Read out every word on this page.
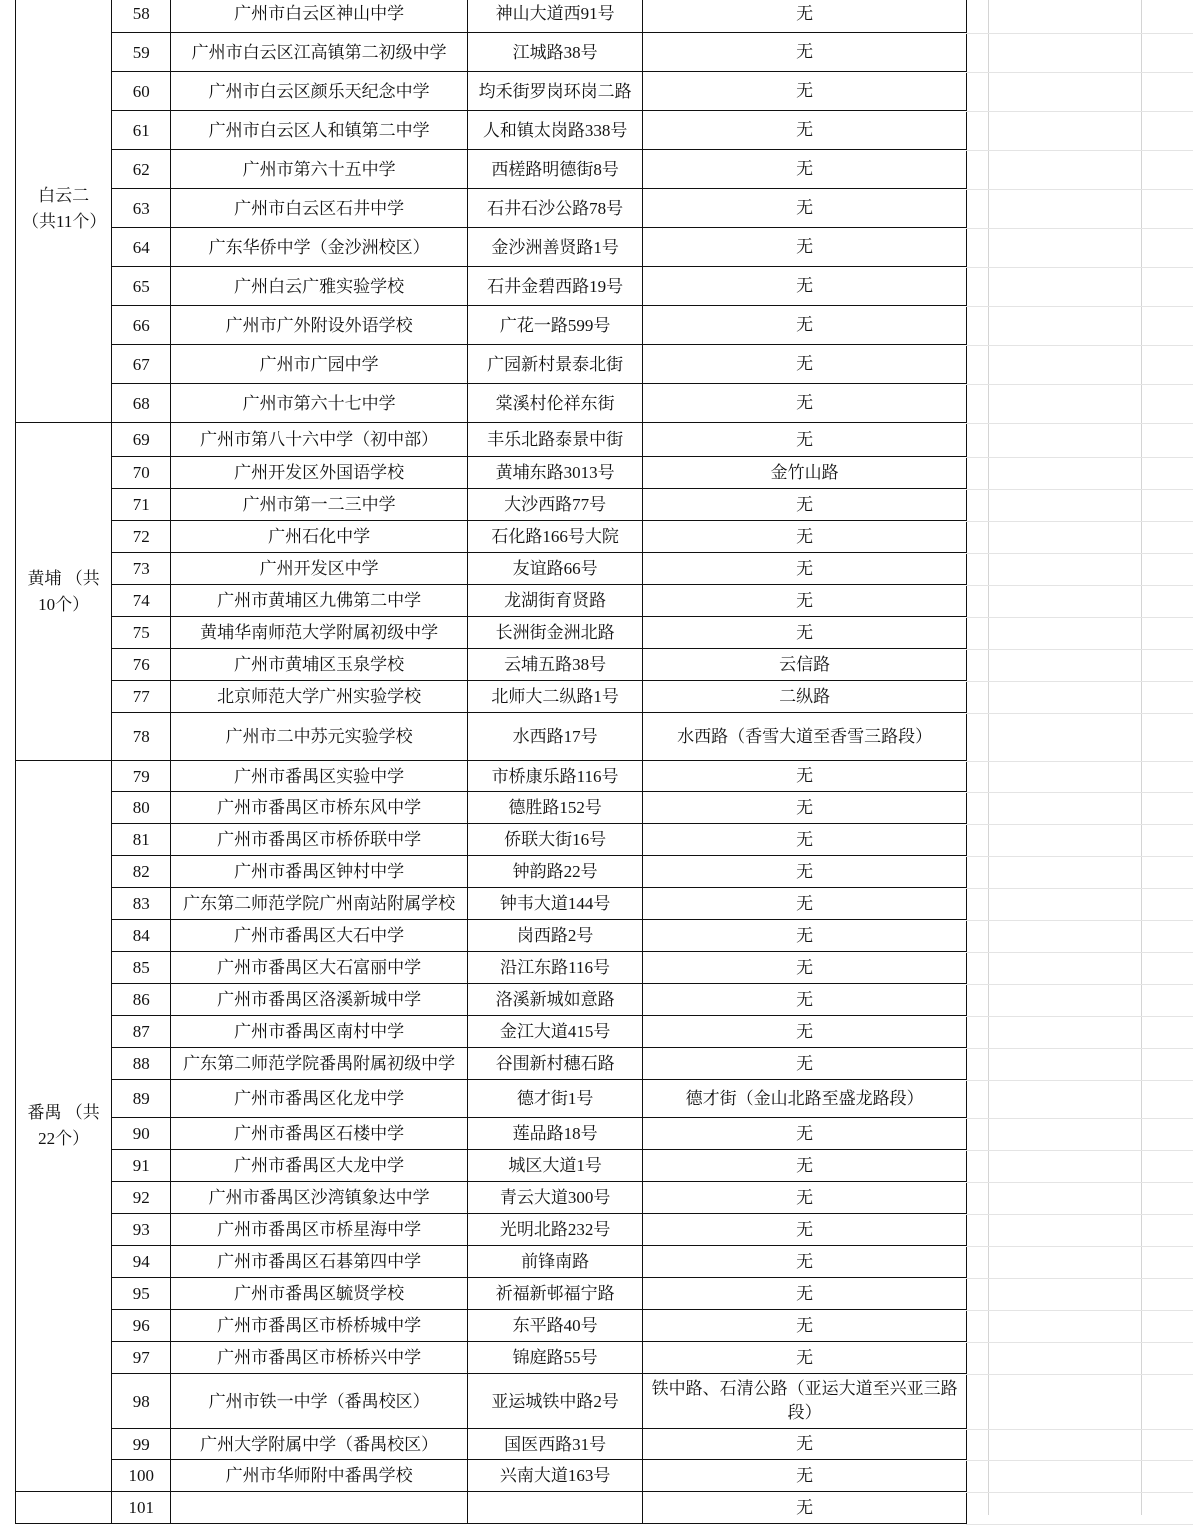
白云二（共11个）	58	广州市白云区神山中学	神山大道西91号	无
	59	广州市白云区江高镇第二初级中学	江城路38号	无
	60	广州市白云区颜乐天纪念中学	均禾街罗岗环岗二路	无
	61	广州市白云区人和镇第二中学	人和镇太岗路338号	无
	62	广州市第六十五中学	西槎路明德街8号	无
	63	广州市白云区石井中学	石井石沙公路78号	无
	64	广东华侨中学（金沙洲校区）	金沙洲善贤路1号	无
	65	广州白云广雅实验学校	石井金碧西路19号	无
	66	广州市广外附设外语学校	广花一路599号	无
	67	广州市广园中学	广园新村景泰北街	无
	68	广州市第六十七中学	棠溪村伦祥东街	无
黄埔 （共10个）	69	广州市第八十六中学（初中部）	丰乐北路泰景中街	无
	70	广州开发区外国语学校	黄埔东路3013号	金竹山路
	71	广州市第一二三中学	大沙西路77号	无
	72	广州石化中学	石化路166号大院	无
	73	广州开发区中学	友谊路66号	无
	74	广州市黄埔区九佛第二中学	龙湖街育贤路	无
	75	黄埔华南师范大学附属初级中学	长洲街金洲北路	无
	76	广州市黄埔区玉泉学校	云埔五路38号	云信路
	77	北京师范大学广州实验学校	北师大二纵路1号	二纵路
	78	广州市二中苏元实验学校	水西路17号	水西路（香雪大道至香雪三路段）
番禺 （共22个）	79	广州市番禺区实验中学	市桥康乐路116号	无
	80	广州市番禺区市桥东风中学	德胜路152号	无
	81	广州市番禺区市桥侨联中学	侨联大街16号	无
	82	广州市番禺区钟村中学	钟韵路22号	无
	83	广东第二师范学院广州南站附属学校	钟韦大道144号	无
	84	广州市番禺区大石中学	岗西路2号	无
	85	广州市番禺区大石富丽中学	沿江东路116号	无
	86	广州市番禺区洛溪新城中学	洛溪新城如意路	无
	87	广州市番禺区南村中学	金江大道415号	无
	88	广东第二师范学院番禺附属初级中学	谷围新村穗石路	无
	89	广州市番禺区化龙中学	德才街1号	德才街（金山北路至盛龙路段）
	90	广州市番禺区石楼中学	莲品路18号	无
	91	广州市番禺区大龙中学	城区大道1号	无
	92	广州市番禺区沙湾镇象达中学	青云大道300号	无
	93	广州市番禺区市桥星海中学	光明北路232号	无
	94	广州市番禺区石碁第四中学	前锋南路	无
	95	广州市番禺区毓贤学校	祈福新邨福宁路	无
	96	广州市番禺区市桥桥城中学	东平路40号	无
	97	广州市番禺区市桥桥兴中学	锦庭路55号	无
	98	广州市铁一中学（番禺校区）	亚运城铁中路2号	铁中路、石清公路（亚运大道至兴亚三路段）
	99	广州大学附属中学（番禺校区）	国医西路31号	无
	100	广州市华师附中番禺学校	兴南大道163号	无
	101			无
